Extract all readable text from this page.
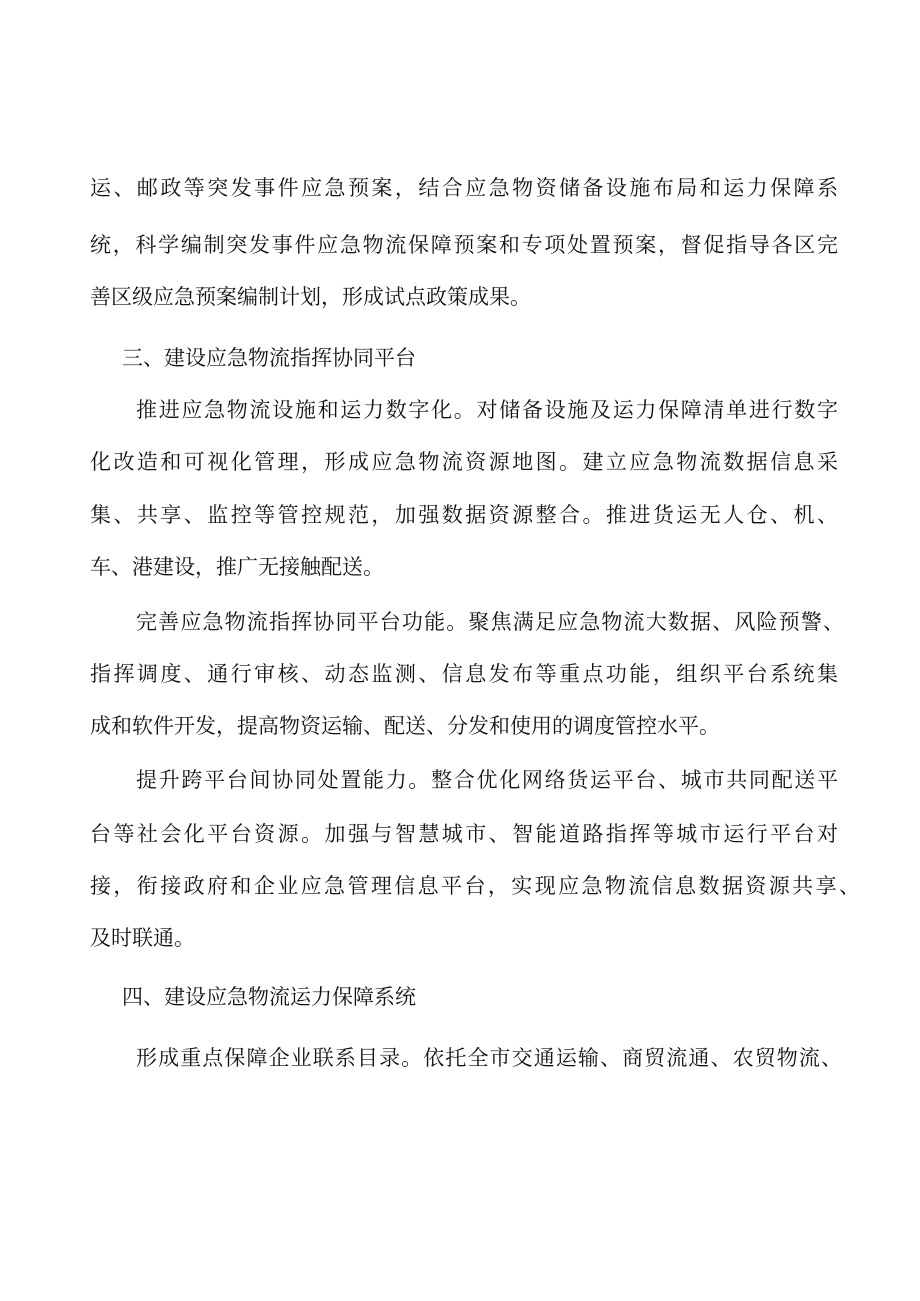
运、邮政等突发事件应急预案，结合应急物资储备设施布局和运力保障系
统，科学编制突发事件应急物流保障预案和专项处置预案，督促指导各区完
善区级应急预案编制计划，形成试点政策成果。
三、建设应急物流指挥协同平台
推进应急物流设施和运力数字化。对储备设施及运力保障清单进行数字
化改造和可视化管理，形成应急物流资源地图。建立应急物流数据信息采
集、共享、监控等管控规范，加强数据资源整合。推进货运无人仓、机、
车、港建设，推广无接触配送。
完善应急物流指挥协同平台功能。聚焦满足应急物流大数据、风险预警、
指挥调度、通行审核、动态监测、信息发布等重点功能，组织平台系统集
成和软件开发，提高物资运输、配送、分发和使用的调度管控水平。
提升跨平台间协同处置能力。整合优化网络货运平台、城市共同配送平
台等社会化平台资源。加强与智慧城市、智能道路指挥等城市运行平台对
接，衔接政府和企业应急管理信息平台，实现应急物流信息数据资源共享、
及时联通。
四、建设应急物流运力保障系统
形成重点保障企业联系目录。依托全市交通运输、商贸流通、农贸物流、
